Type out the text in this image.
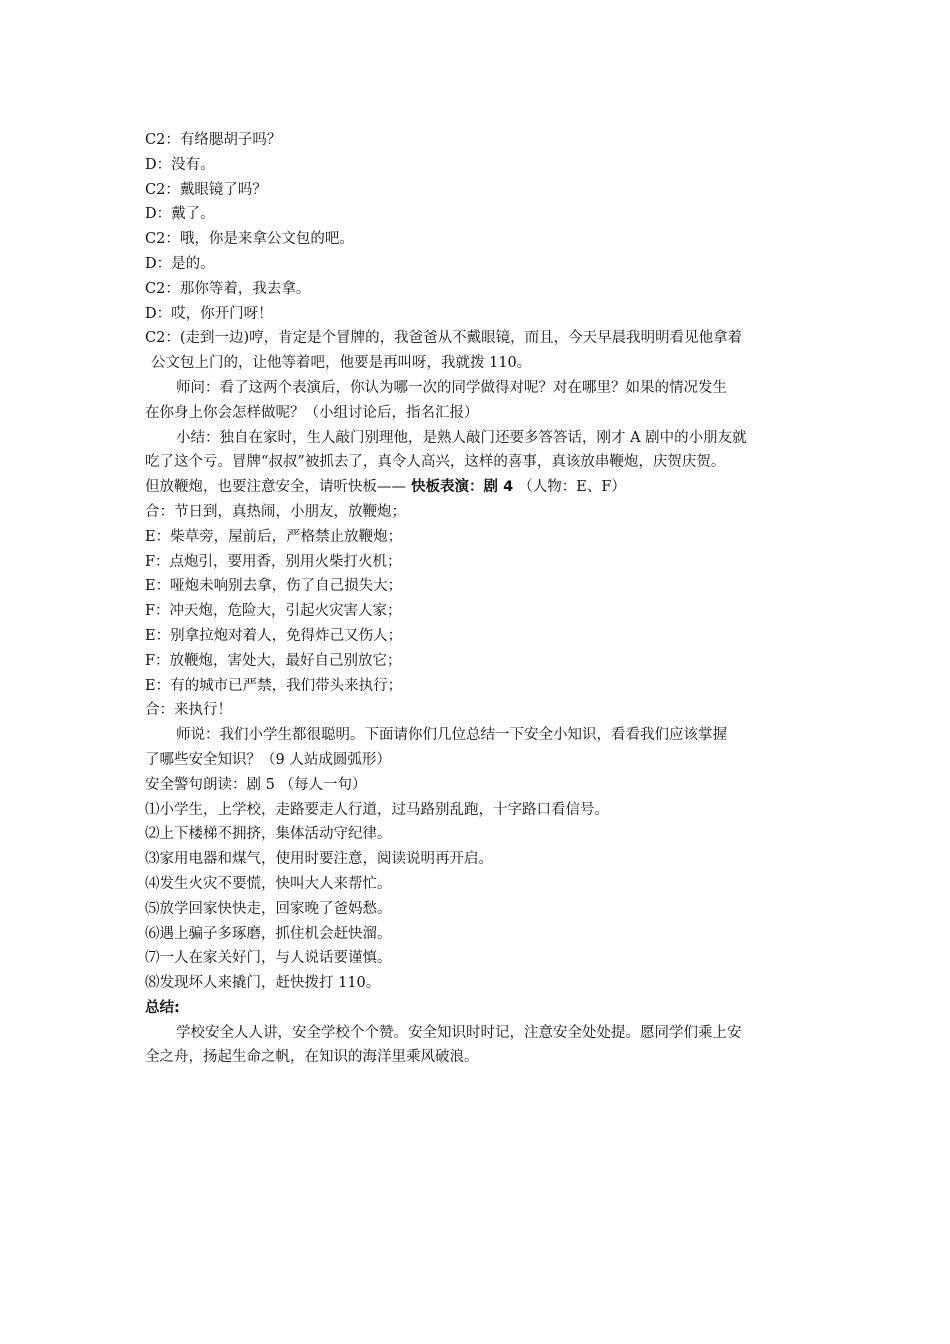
C2：有络腮胡子吗？
D：没有。
C2：戴眼镜了吗？
D：戴了。
C2：哦，你是来拿公文包的吧。
D：是的。
C2：那你等着，我去拿。
D：哎，你开门呀！
C2：(走到一边)哼，肯定是个冒牌的，我爸爸从不戴眼镜，而且，今天早晨我明明看见他拿着
公文包上门的，让他等着吧，他要是再叫呀，我就拨 110。
师问：看了这两个表演后，你认为哪一次的同学做得对呢？对在哪里？如果的情况发生
在你身上你会怎样做呢？（小组讨论后，指名汇报）
小结：独自在家时，生人敲门别理他，是熟人敲门还要多答答话，刚才 A 剧中的小朋友就
吃了这个亏。冒牌“叔叔”被抓去了，真令人高兴，这样的喜事，真该放串鞭炮，庆贺庆贺。
但放鞭炮，也要注意安全，请听快板—— 快板表演：剧 4 （人物：E、F）
合：节日到，真热闹，小朋友，放鞭炮；
E：柴草旁，屋前后，严格禁止放鞭炮；
F：点炮引，要用香，别用火柴打火机；
E：哑炮未响别去拿，伤了自己损失大；
F：冲天炮，危险大，引起火灾害人家；
E：别拿拉炮对着人，免得炸己又伤人；
F：放鞭炮，害处大，最好自己别放它；
E：有的城市已严禁，我们带头来执行；
合：来执行！
师说：我们小学生都很聪明。下面请你们几位总结一下安全小知识，看看我们应该掌握
了哪些安全知识？（9 人站成圆弧形）
安全警句朗读：剧 5 （每人一句）
⑴小学生，上学校，走路要走人行道，过马路别乱跑，十字路口看信号。
⑵上下楼梯不拥挤，集体活动守纪律。
⑶家用电器和煤气，使用时要注意，阅读说明再开启。
⑷发生火灾不要慌，快叫大人来帮忙。
⑸放学回家快快走，回家晚了爸妈愁。
⑹遇上骗子多琢磨，抓住机会赶快溜。
⑺一人在家关好门，与人说话要谨慎。
⑻发现坏人来撬门，赶快拨打 110。
总结:
学校安全人人讲，安全学校个个赞。安全知识时时记，注意安全处处提。愿同学们乘上安
全之舟，扬起生命之帆，在知识的海洋里乘风破浪。
